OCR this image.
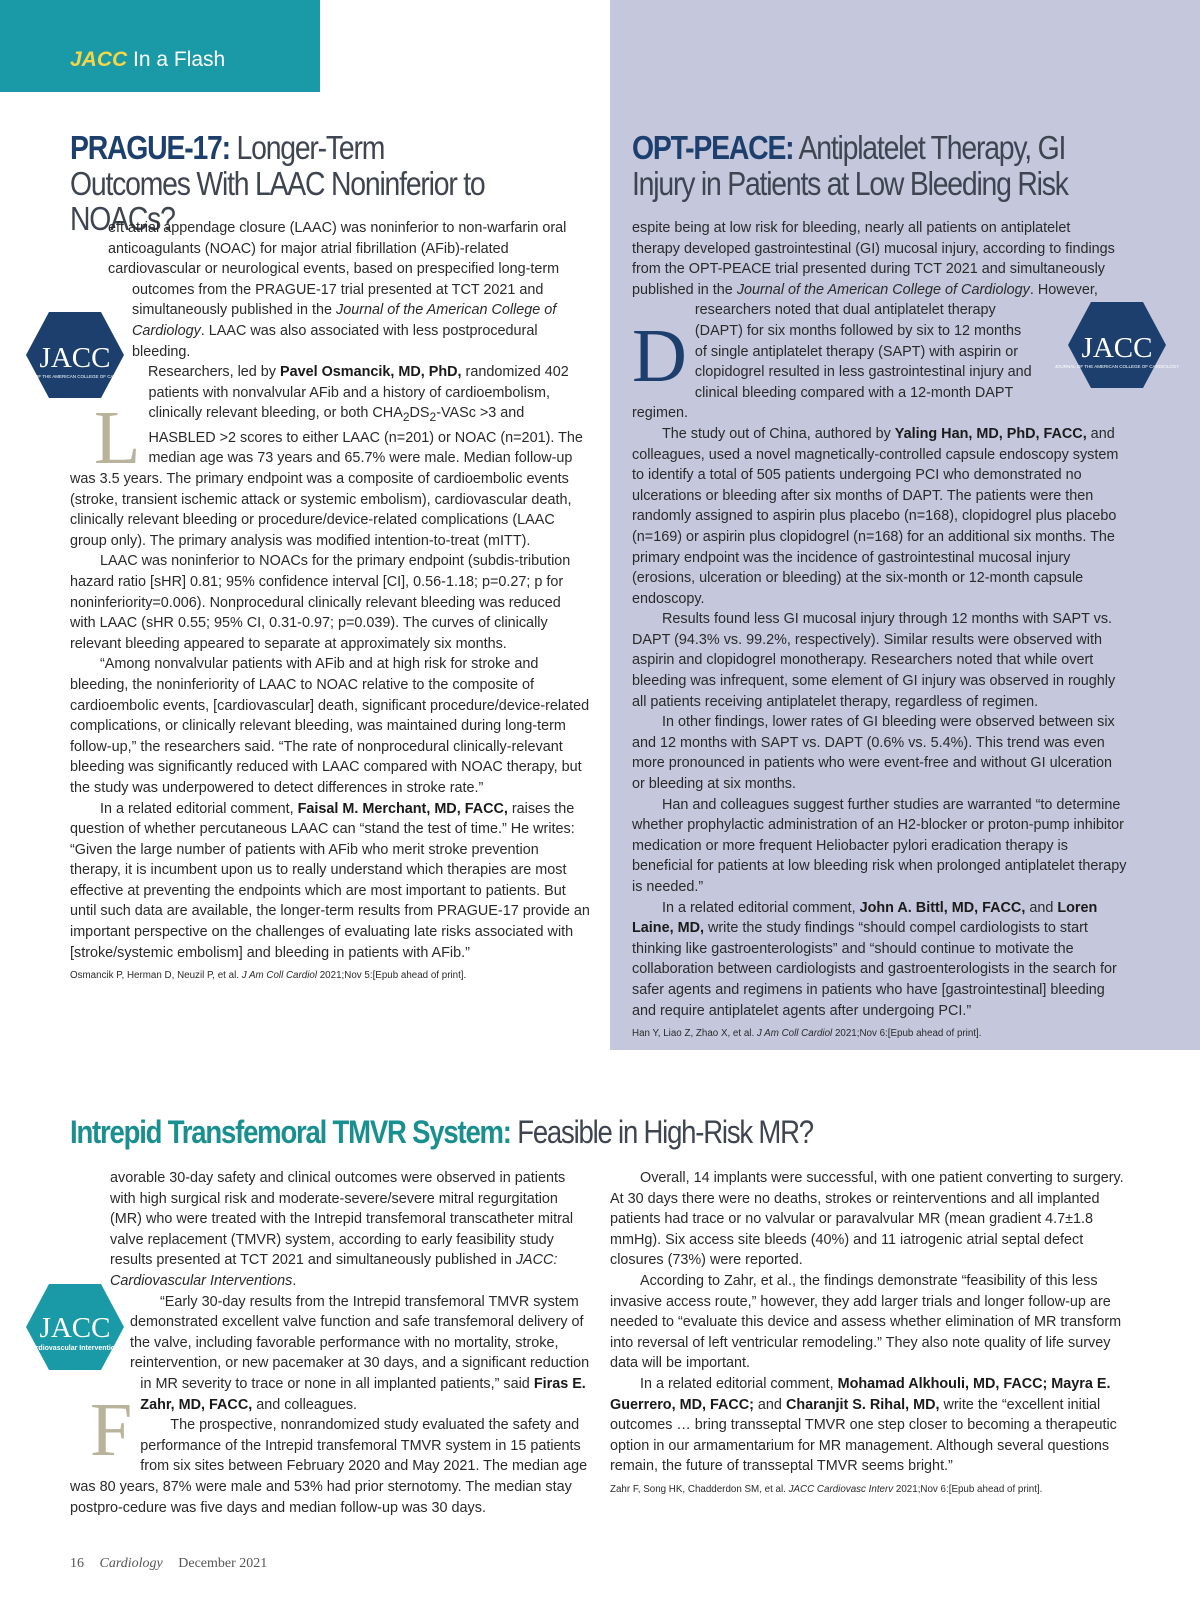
JACC In a Flash
PRAGUE-17: Longer-Term Outcomes With LAAC Noninferior to NOACs?
JACC
JOURNAL OF THE AMERICAN COLLEGE OF CARDIOLOGY

L
eft atrial appendage closure (LAAC) was noninferior to non-warfarin oral anticoagulants (NOAC) for major atrial fibrillation (AFib)-related cardiovascular or neurological events, based on prespecified long-term outcomes from the PRAGUE-17 trial presented at TCT 2021 and simultaneously published in the Journal of the American College of Cardiology. LAAC was also associated with less postprocedural bleeding.

Researchers, led by Pavel Osmancik, MD, PhD, randomized 402 patients with nonvalvular AFib and a history of cardioembolism, clinically relevant bleeding, or both $CHA_2DS_2$-VASc >3 and HASBLED >2 scores to either LAAC (n=201) or NOAC (n=201). The median age was 73 years and 65.7% were male. Median follow-up was 3.5 years. The primary endpoint was a composite of cardioembolic events (stroke, transient ischemic attack or systemic embolism), cardiovascular death, clinically relevant bleeding or procedure/device-related complications (LAAC group only). The primary analysis was modified intention-to-treat (mITT).

LAAC was noninferior to NOACs for the primary endpoint (subdis-tribution hazard ratio [sHR] 0.81; 95% confidence interval [CI], 0.56-1.18; p=0.27; p for noninferiority=0.006). Nonprocedural clinically relevant bleeding was reduced with LAAC (sHR 0.55; 95% CI, 0.31-0.97; p=0.039). The curves of clinically relevant bleeding appeared to separate at approximately six months.

“Among nonvalvular patients with AFib and at high risk for stroke and bleeding, the noninferiority of LAAC to NOAC relative to the composite of cardioembolic events, [cardiovascular] death, significant procedure/device-related complications, or clinically relevant bleeding, was maintained during long-term follow-up,” the researchers said. “The rate of nonprocedural clinically-relevant bleeding was significantly reduced with LAAC compared with NOAC therapy, but the study was underpowered to detect differences in stroke rate.”

In a related editorial comment, Faisal M. Merchant, MD, FACC, raises the question of whether percutaneous LAAC can “stand the test of time.” He writes: “Given the large number of patients with AFib who merit stroke prevention therapy, it is incumbent upon us to really understand which therapies are most effective at preventing the endpoints which are most important to patients. But until such data are available, the longer-term results from PRAGUE-17 provide an important perspective on the challenges of evaluating late risks associated with [stroke/systemic embolism] and bleeding in patients with AFib.”

Osmancik P, Herman D, Neuzil P, et al. J Am Coll Cardiol 2021;Nov 5:[Epub ahead of print].

OPT-PEACE: Antiplatelet Therapy, GI Injury in Patients at Low Bleeding Risk
JACC
JOURNAL OF THE AMERICAN COLLEGE OF CARDIOLOGY

D
espite being at low risk for bleeding, nearly all patients on antiplatelet therapy developed gastrointestinal (GI) mucosal injury, according to findings from the OPT-PEACE trial presented during TCT 2021 and simultaneously published in the Journal of the American College of Cardiology. However, researchers noted that dual antiplatelet therapy (DAPT) for six months followed by six to 12 months of single antiplatelet therapy (SAPT) with aspirin or clopidogrel resulted in less gastrointestinal injury and clinical bleeding compared with a 12-month DAPT regimen.

The study out of China, authored by Yaling Han, MD, PhD, FACC, and colleagues, used a novel magnetically-controlled capsule endoscopy system to identify a total of 505 patients undergoing PCI who demonstrated no ulcerations or bleeding after six months of DAPT. The patients were then randomly assigned to aspirin plus placebo (n=168), clopidogrel plus placebo (n=169) or aspirin plus clopidogrel (n=168) for an additional six months. The primary endpoint was the incidence of gastrointestinal mucosal injury (erosions, ulceration or bleeding) at the six-month or 12-month capsule endoscopy.

Results found less GI mucosal injury through 12 months with SAPT vs. DAPT (94.3% vs. 99.2%, respectively). Similar results were observed with aspirin and clopidogrel monotherapy. Researchers noted that while overt bleeding was infrequent, some element of GI injury was observed in roughly all patients receiving antiplatelet therapy, regardless of regimen.

In other findings, lower rates of GI bleeding were observed between six and 12 months with SAPT vs. DAPT (0.6% vs. 5.4%). This trend was even more pronounced in patients who were event-free and without GI ulceration or bleeding at six months.

Han and colleagues suggest further studies are warranted “to determine whether prophylactic administration of an H2-blocker or proton-pump inhibitor medication or more frequent Heliobacter pylori eradication therapy is beneficial for patients at low bleeding risk when prolonged antiplatelet therapy is needed.”

In a related editorial comment, John A. Bittl, MD, FACC, and Loren Laine, MD, write the study findings “should compel cardiologists to start thinking like gastroenterologists” and “should continue to motivate the collaboration between cardiologists and gastroenterologists in the search for safer agents and regimens in patients who have [gastrointestinal] bleeding and require antiplatelet agents after undergoing PCI.”

Han Y, Liao Z, Zhao X, et al. J Am Coll Cardiol 2021;Nov 6:[Epub ahead of print].

Intrepid Transfemoral TMVR System: Feasible in High-Risk MR?
JACC
Cardiovascular Interventions

F
avorable 30-day safety and clinical outcomes were observed in patients with high surgical risk and moderate-severe/severe mitral regurgitation (MR) who were treated with the Intrepid transfemoral transcatheter mitral valve replacement (TMVR) system, according to early feasibility study results presented at TCT 2021 and simultaneously published in JACC: Cardiovascular Interventions.

“Early 30-day results from the Intrepid transfemoral TMVR system demonstrated excellent valve function and safe transfemoral delivery of the valve, including favorable performance with no mortality, stroke, reintervention, or new pacemaker at 30 days, and a significant reduction in MR severity to trace or none in all implanted patients,” said Firas E. Zahr, MD, FACC, and colleagues.

The prospective, nonrandomized study evaluated the safety and performance of the Intrepid transfemoral TMVR system in 15 patients from six sites between February 2020 and May 2021. The median age was 80 years, 87% were male and 53% had prior sternotomy. The median stay postpro-cedure was five days and median follow-up was 30 days.

Overall, 14 implants were successful, with one patient converting to surgery. At 30 days there were no deaths, strokes or reinterventions and all implanted patients had trace or no valvular or paravalvular MR (mean gradient 4.7±1.8 mmHg). Six access site bleeds (40%) and 11 iatrogenic atrial septal defect closures (73%) were reported.

According to Zahr, et al., the findings demonstrate “feasibility of this less invasive access route,” however, they add larger trials and longer follow-up are needed to “evaluate this device and assess whether elimination of MR transform into reversal of left ventricular remodeling.” They also note quality of life survey data will be important.

In a related editorial comment, Mohamad Alkhouli, MD, FACC; Mayra E. Guerrero, MD, FACC; and Charanjit S. Rihal, MD, write the “excellent initial outcomes … bring transseptal TMVR one step closer to becoming a therapeutic option in our armamentarium for MR management. Although several questions remain, the future of transseptal TMVR seems bright.”

Zahr F, Song HK, Chadderdon SM, et al. JACC Cardiovasc Interv 2021;Nov 6:[Epub ahead of print].

16 Cardiology December 2021
